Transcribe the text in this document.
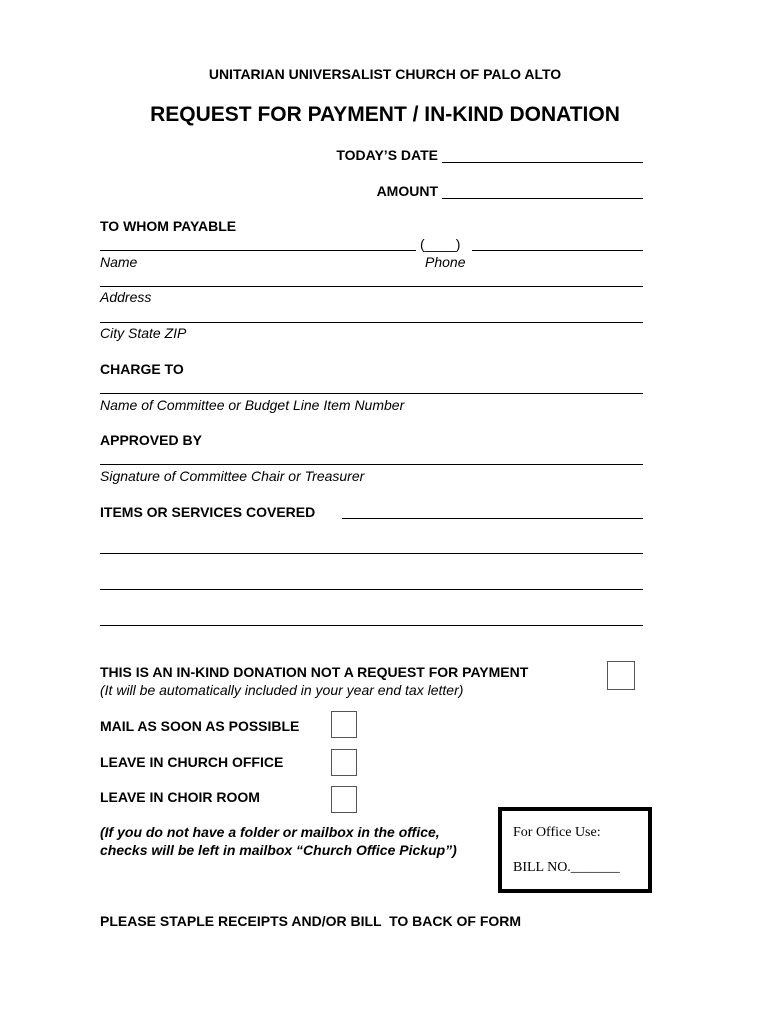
UNITARIAN UNIVERSALIST CHURCH OF PALO ALTO
REQUEST FOR PAYMENT / IN-KIND DONATION
TODAY’S DATE
AMOUNT
TO WHOM PAYABLE
(____)
Name	Phone
Address
City State ZIP
CHARGE TO
Name of Committee or Budget Line Item Number
APPROVED BY
Signature of Committee Chair or Treasurer
ITEMS OR SERVICES COVERED
THIS IS AN IN-KIND DONATION NOT A REQUEST FOR PAYMENT
(It will be automatically included in your year end tax letter)
MAIL AS SOON AS POSSIBLE
LEAVE IN CHURCH OFFICE
LEAVE IN CHOIR ROOM
(If you do not have a folder or mailbox in the office,
checks will be left in mailbox “Church Office Pickup”)
For Office Use:
BILL NO._______
PLEASE STAPLE RECEIPTS AND/OR BILL  TO BACK OF FORM
